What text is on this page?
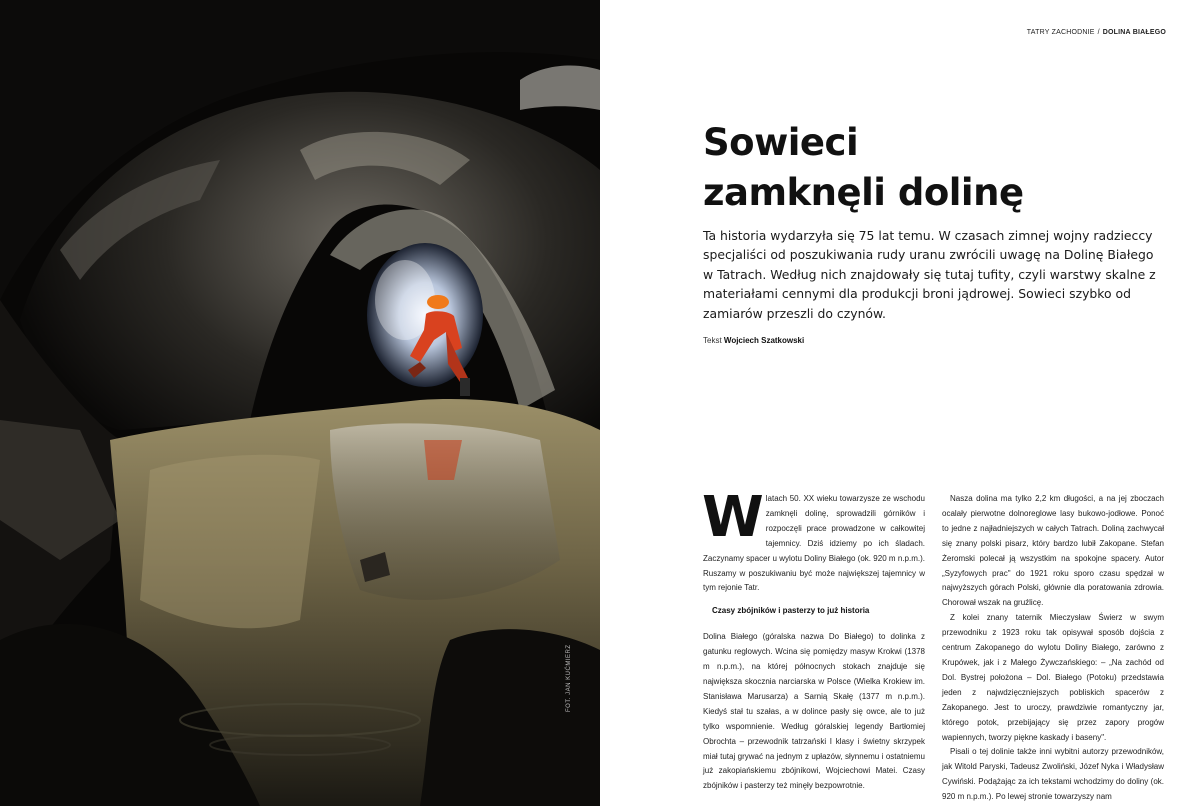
FOT. JAN KUĆMIERZ
TATRY ZACHODNIE / DOLINA BIAŁEGO
Sowieci
zamknęli dolinę

Ta historia wydarzyła się 75 lat temu. W czasach zimnej wojny radzieccy specjaliści od poszukiwania rudy uranu zwrócili uwagę na Dolinę Białego w Tatrach. Według nich znajdowały się tutaj tufity, czyli warstwy skalne z materiałami cennymi dla produkcji broni jądrowej. Sowieci szybko od zamiarów przeszli do czynów.

Tekst Wojciech Szatkowski

Wlatach 50. XX wieku towarzysze ze wschodu zamknęli dolinę, sprowadzili górników i rozpoczęli prace prowadzone w całkowitej tajemnicy. Dziś idziemy po ich śladach. Zaczynamy spacer u wylotu Doliny Białego (ok. 920 m n.p.m.). Ruszamy w poszukiwaniu być może największej tajemnicy w tym rejonie Tatr.

Czasy zbójników i pasterzy to już historia

Dolina Białego (góralska nazwa Do Białego) to dolinka z gatunku reglowych. Wcina się pomiędzy masyw Krokwi (1378 m n.p.m.), na której północnych stokach znajduje się największa skocznia narciarska w Polsce (Wielka Krokiew im. Stanisława Marusarza) a Sarnią Skałę (1377 m n.p.m.). Kiedyś stał tu szałas, a w dolince pasły się owce, ale to już tylko wspomnienie. Według góralskiej legendy Bartłomiej Obrochta – przewodnik tatrzański I klasy i świetny skrzypek miał tutaj grywać na jednym z upłazów, słynnemu i ostatniemu już zakopiańskiemu zbójnikowi, Wojciechowi Matei. Czasy zbójników i pasterzy też minęły bezpowrotnie.

Nasza dolina ma tylko 2,2 km długości, a na jej zboczach ocalały pierwotne dolnoreglowe lasy bukowo-jodłowe. Ponoć to jedne z najładniejszych w całych Tatrach. Doliną zachwycał się znany polski pisarz, który bardzo lubił Zakopane. Stefan Żeromski polecał ją wszystkim na spokojne spacery. Autor „Syzyfowych prac" do 1921 roku sporo czasu spędzał w najwyższych górach Polski, głównie dla poratowania zdrowia. Chorował wszak na gruźlicę.

Z kolei znany taternik Mieczysław Świerz w swym przewodniku z 1923 roku tak opisywał sposób dojścia z centrum Zakopanego do wylotu Doliny Białego, zarówno z Krupówek, jak i z Małego Żywczańskiego: – „Na zachód od Dol. Bystrej położona – Dol. Białego (Potoku) przedstawia jeden z najwdzięczniejszych pobliskich spacerów z Zakopanego. Jest to uroczy, prawdziwie romantyczny jar, którego potok, przebijający się przez zapory progów wapiennych, tworzy piękne kaskady i baseny".

Pisali o tej dolinie także inni wybitni autorzy przewodników, jak Witold Paryski, Tadeusz Zwoliński, Józef Nyka i Władysław Cywiński. Podążając za ich tekstami wchodzimy do doliny (ok. 920 m n.p.m.). Po lewej stronie towarzyszy nam
